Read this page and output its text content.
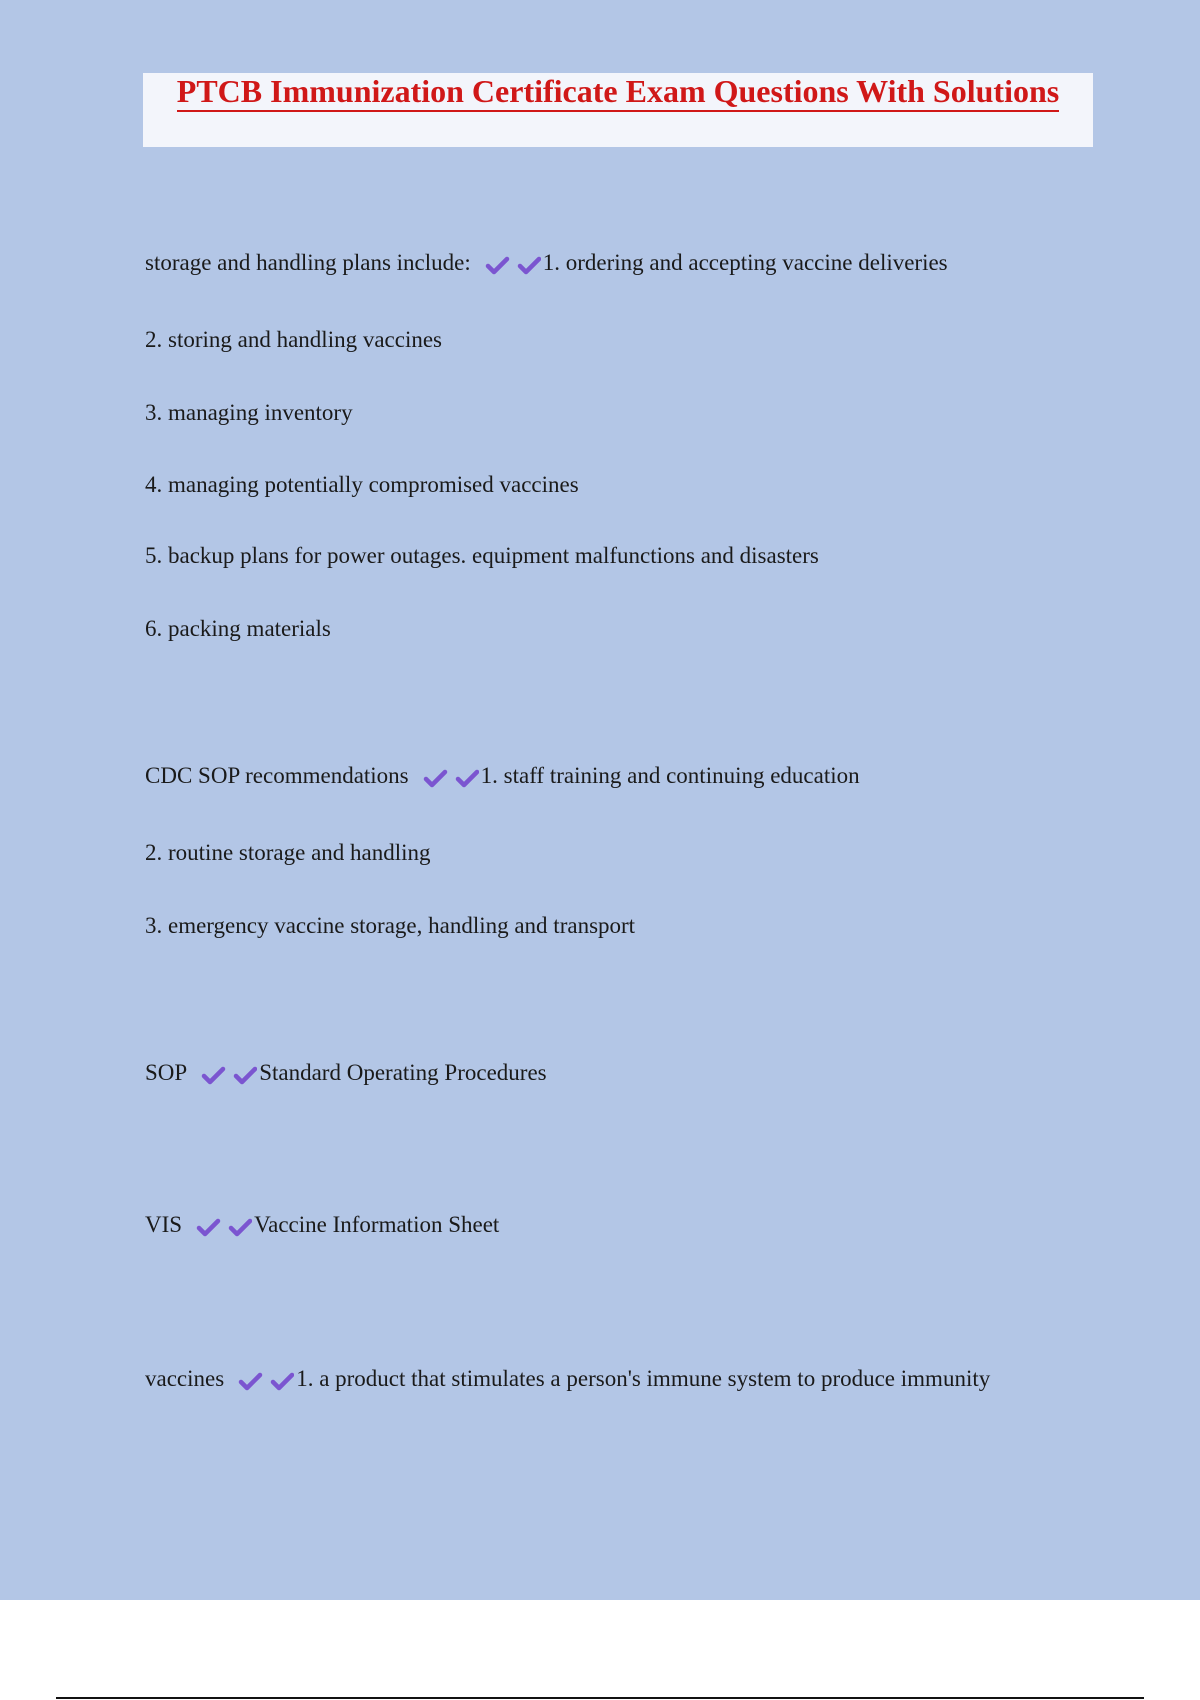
PTCB Immunization Certificate Exam Questions With Solutions
storage and handling plans include:	1. ordering and accepting vaccine deliveries
2. storing and handling vaccines
3. managing inventory
4. managing potentially compromised vaccines
5. backup plans for power outages. equipment malfunctions and disasters
6. packing materials
CDC SOP recommendations	1. staff training and continuing education
2. routine storage and handling
3. emergency vaccine storage, handling and transport
SOP	Standard Operating Procedures
VIS	Vaccine Information Sheet
vaccines	1. a product that stimulates a person's immune system to produce immunity
